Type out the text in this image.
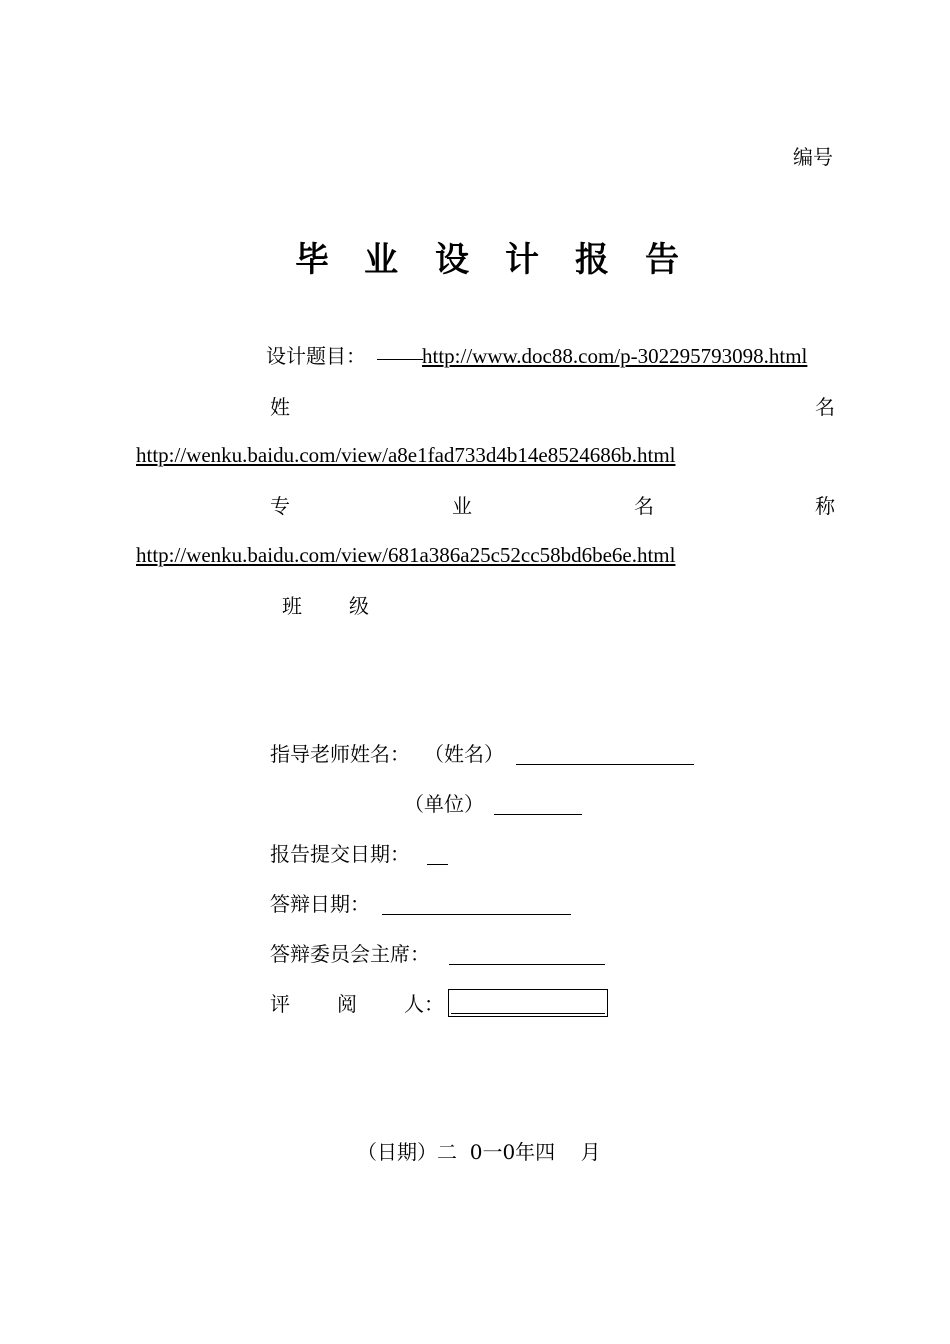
编号
毕 业 设 计 报 告
设计题目：	http://www.doc88.com/p-302295793098.html
姓	名
http://wenku.baidu.com/view/a8e1fad733d4b14e8524686b.html
专	业	名	称
http://wenku.baidu.com/view/681a386a25c52cc58bd6be6e.html
班 级
指导老师姓名： （姓名）
（单位）
报告提交日期：
答辩日期：
答辩委员会主席：
评 阅 人：
（日期）二  0一0年四    月
